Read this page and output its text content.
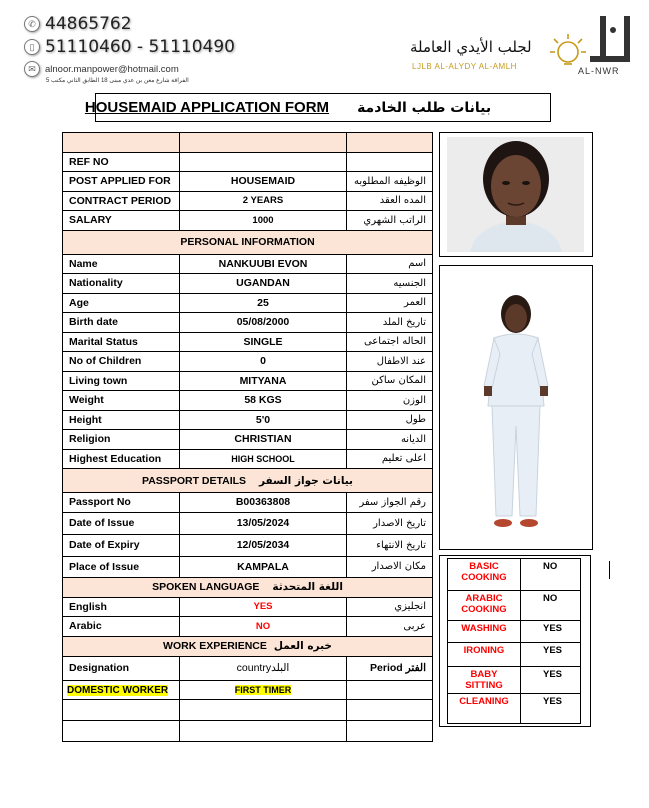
✆ 44865762
▯ 51110460 - 51110490
✉ alnoor.manpower@hotmail.com
الفراقة شارع معن بن عدي مبنى 18 الطابق الثاني مكتب 5
لجلب الأيدي العاملة
LJLB AL-ALYDY AL-AMLH	AL-NWR
HOUSEMAID APPLICATION FORM بيانات طلب الخادمة

REF NO		
POST APPLIED FOR	HOUSEMAID	الوظيفه المطلوبه
CONTRACT PERIOD	2 YEARS	المده العقد
SALARY	1000	الراتب الشهري
PERSONAL INFORMATION		
Name	NANKUUBI EVON	اسم
Nationality	UGANDAN	الجنسيه
Age	25	العمر
Birth date	05/08/2000	تاريخ الملد
Marital Status	SINGLE	الحاله اجتماعى
No of Children	0	عند الاطفال
Living town	MITYANA	المكان ساكن
Weight	58 KGS	الوزن
Height	5'0	طول
Religion	CHRISTIAN	الديانه
Highest Education	HIGH SCHOOL	اعلى تعليم
PASSPORT DETAILS بيانات جواز السفر		
Passport No	B00363808	رقم الجواز سفر
Date of Issue	13/05/2024	تاريخ الاصدار
Date of Expiry	12/05/2034	تاريخ الانتهاء
Place of Issue	KAMPALA	مكان الاصدار
SPOKEN LANGUAGE اللغة المتحدثة		
English	YES	انجليزي
Arabic	NO	عربى
WORK EXPERIENCE خبره العمل		
Designation	countryالبلد	Period الفتر
DOMESTIC WORKER	FIRST TIMER	

BASIC COOKING	NO
ARABIC COOKING	NO
WASHING	YES
IRONING	YES
BABY SITTING	YES
CLEANING	YES
